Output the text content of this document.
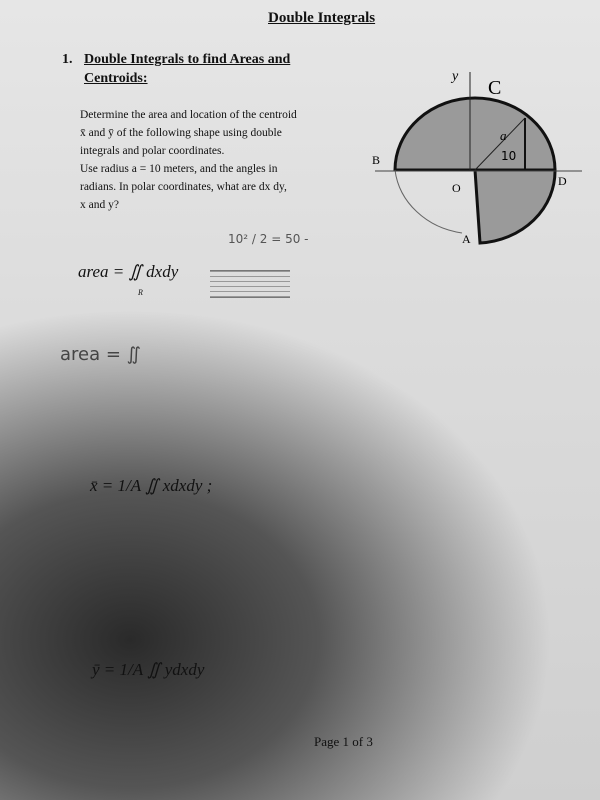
Double Integrals
1. Double Integrals to find Areas and
Centroids:
Determine the area and location of the centroid
x̄ and ȳ of the following shape using double
integrals and polar coordinates.
Use radius a = 10 meters, and the angles in
radians. In polar coordinates, what are dx dy,
x and y?
y
C
B
O	D
A
a
10
10² / 2 = 50 -
area = ∬ dxdy
R
area = ∬
x̄ = 1/A ∬ xdxdy ;
ȳ = 1/A ∬ ydxdy
Page 1 of 3
